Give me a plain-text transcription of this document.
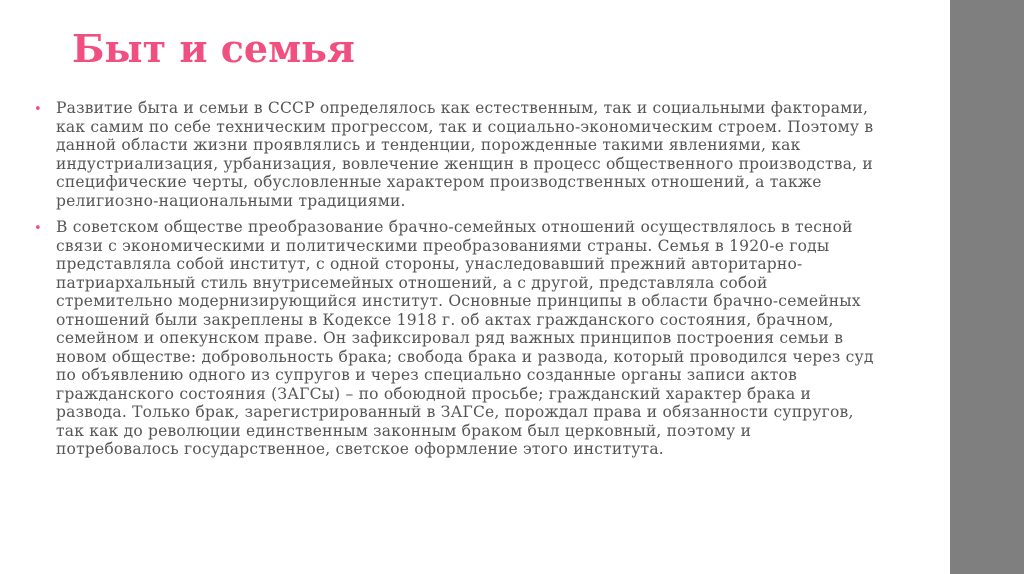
Быт и семья
• Развитие быта и семьи в СССР определялось как естественным, так и социальными факторами, как самим по себе техническим прогрессом, так и социально-экономическим строем. Поэтому в данной области жизни проявлялись и тенденции, порожденные такими явлениями, как индустриализация, урбанизация, вовлечение женщин в процесс общественного производства, и специфические черты, обусловленные характером производственных отношений, а также религиозно-национальными традициями.
• В советском обществе преобразование брачно-семейных отношений осуществлялось в тесной связи с экономическими и политическими преобразованиями страны. Семья в 1920-е годы представляла собой институт, с одной стороны, унаследовавший прежний авторитарно-патриархальный стиль внутрисемейных отношений, а с другой, представляла собой стремительно модернизирующийся институт. Основные принципы в области брачно-семейных отношений были закреплены в Кодексе 1918 г. об актах гражданского состояния, брачном, семейном и опекунском праве. Он зафиксировал ряд важных принципов построения семьи в новом обществе: добровольность брака; свобода брака и развода, который проводился через суд по объявлению одного из супругов и через специально созданные органы записи актов гражданского состояния (ЗАГСы) – по обоюдной просьбе; гражданский характер брака и развода. Только брак, зарегистрированный в ЗАГСе, порождал права и обязанности супругов, так как до революции единственным законным браком был церковный, поэтому и потребовалось государственное, светское оформление этого института.
